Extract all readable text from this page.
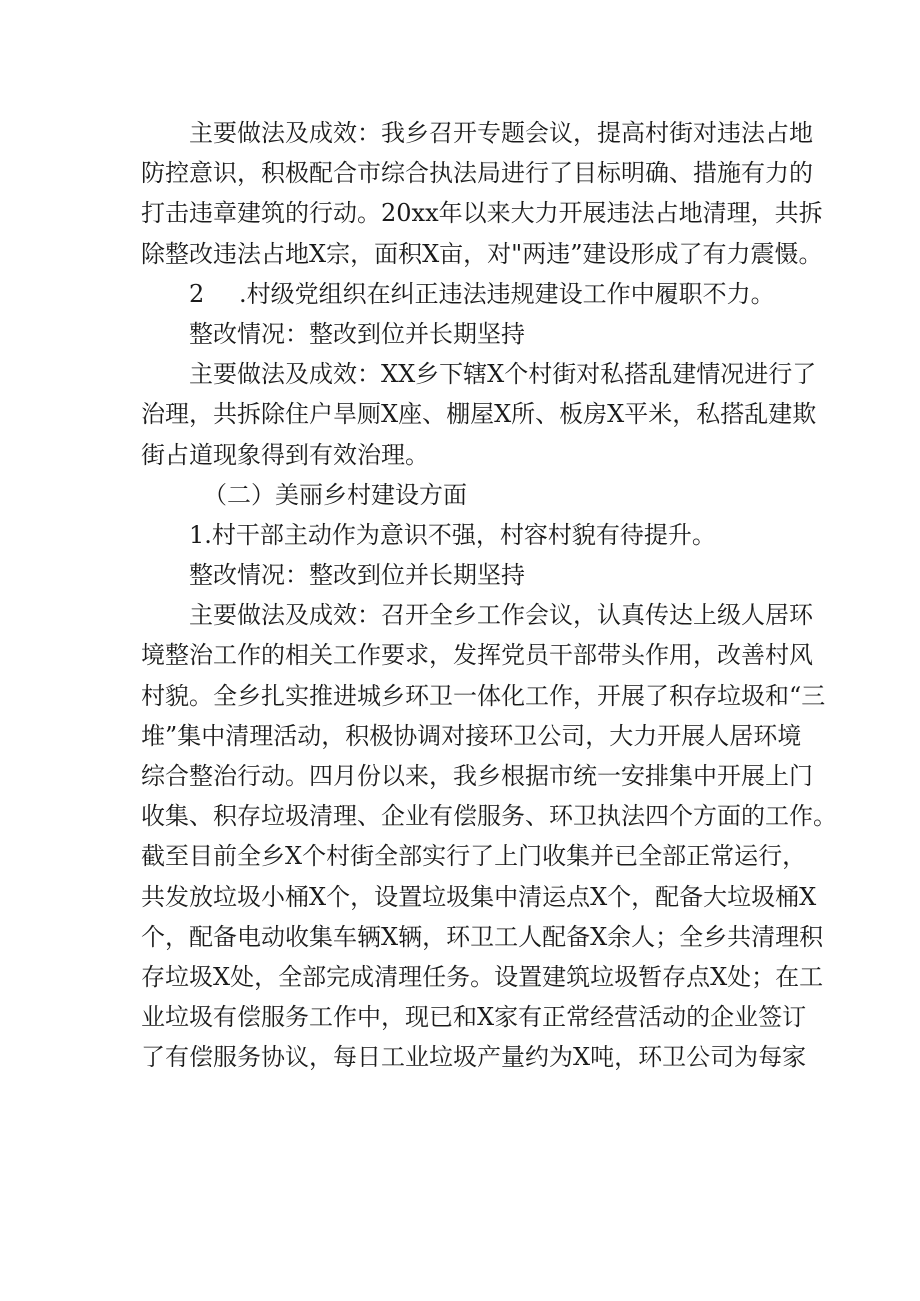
主要做法及成效：我乡召开专题会议，提高村街对违法占地
防控意识，积极配合市综合执法局进行了目标明确、措施有力的
打击违章建筑的行动。20xx年以来大力开展违法占地清理，共拆
除整改违法占地X宗，面积X亩，对"两违”建设形成了有力震慑。
2 .村级党组织在纠正违法违规建设工作中履职不力。
整改情况：整改到位并长期坚持
主要做法及成效：XX乡下辖X个村街对私搭乱建情况进行了
治理，共拆除住户旱厕X座、棚屋X所、板房X平米，私搭乱建欺
街占道现象得到有效治理。
（二）美丽乡村建设方面
1.村干部主动作为意识不强，村容村貌有待提升。
整改情况：整改到位并长期坚持
主要做法及成效：召开全乡工作会议，认真传达上级人居环
境整治工作的相关工作要求，发挥党员干部带头作用，改善村风
村貌。全乡扎实推进城乡环卫一体化工作，开展了积存垃圾和“三
堆”集中清理活动，积极协调对接环卫公司，大力开展人居环境
综合整治行动。四月份以来，我乡根据市统一安排集中开展上门
收集、积存垃圾清理、企业有偿服务、环卫执法四个方面的工作。
截至目前全乡X个村街全部实行了上门收集并已全部正常运行，
共发放垃圾小桶X个，设置垃圾集中清运点X个，配备大垃圾桶X
个，配备电动收集车辆X辆，环卫工人配备X余人；全乡共清理积
存垃圾X处，全部完成清理任务。设置建筑垃圾暂存点X处；在工
业垃圾有偿服务工作中，现已和X家有正常经营活动的企业签订
了有偿服务协议，每日工业垃圾产量约为X吨，环卫公司为每家
